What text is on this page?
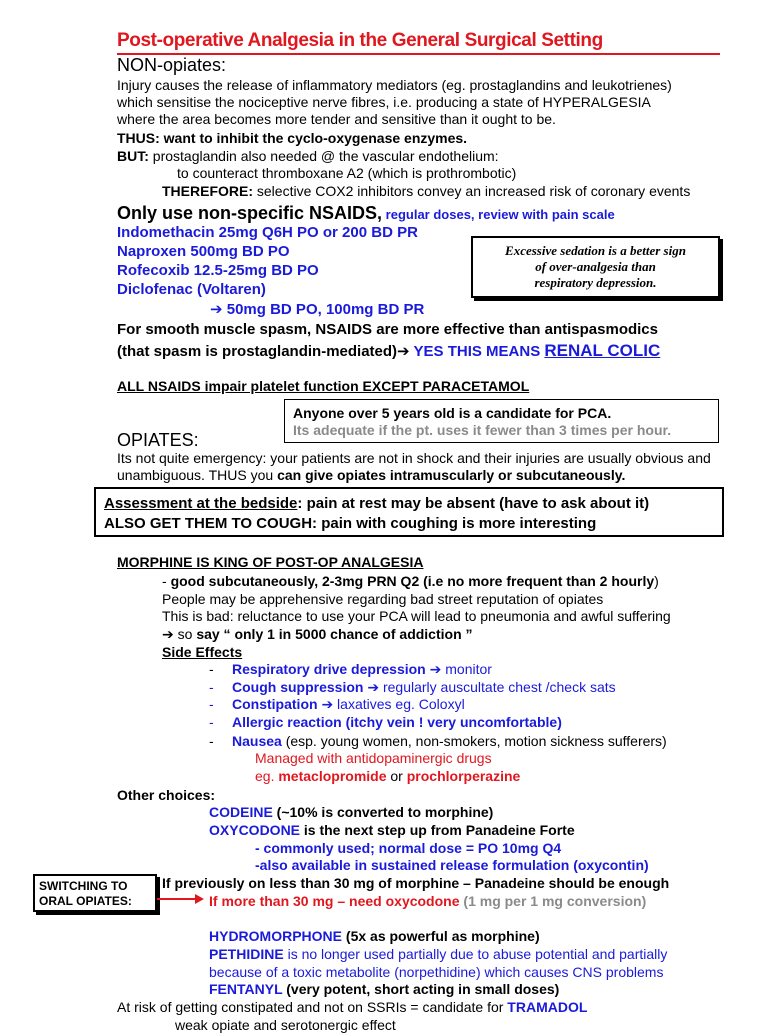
Post-operative Analgesia in the General Surgical Setting
NON-opiates:
Injury causes the release of inflammatory mediators (eg. prostaglandins and leukotrienes)
which sensitise the nociceptive nerve fibres, i.e. producing a state of HYPERALGESIA
where the area becomes more tender and sensitive than it ought to be.
THUS: want to inhibit the cyclo-oxygenase enzymes.
BUT: prostaglandin also needed @ the vascular endothelium:
to counteract thromboxane A2 (which is prothrombotic)
THEREFORE: selective COX2 inhibitors convey an increased risk of coronary events
Only use non-specific NSAIDS, regular doses, review with pain scale
Indomethacin 25mg Q6H PO or 200 BD PR
Naproxen 500mg BD PO
Rofecoxib 12.5-25mg BD PO
Diclofenac (Voltaren)
➔ 50mg BD PO, 100mg BD PR
Excessive sedation is a better sign
of over-analgesia than
respiratory depression.
For smooth muscle spasm, NSAIDS are more effective than antispasmodics
(that spasm is prostaglandin-mediated)➔ YES THIS MEANS RENAL COLIC
ALL NSAIDS impair platelet function EXCEPT PARACETAMOL
Anyone over 5 years old is a candidate for PCA.
Its adequate if the pt. uses it fewer than 3 times per hour.
OPIATES:
Its not quite emergency: your patients are not in shock and their injuries are usually obvious and
unambiguous. THUS you can give opiates intramuscularly or subcutaneously.
Assessment at the bedside: pain at rest may be absent (have to ask about it)
ALSO GET THEM TO COUGH: pain with coughing is more interesting
MORPHINE IS KING OF POST-OP ANALGESIA
- good subcutaneously, 2-3mg PRN Q2 (i.e no more frequent than 2 hourly)
People may be apprehensive regarding bad street reputation of opiates
This is bad: reluctance to use your PCA will lead to pneumonia and awful suffering
➔ so say “ only 1 in 5000 chance of addiction ”
Side Effects
- Respiratory drive depression ➔ monitor
- Cough suppression ➔ regularly auscultate chest /check sats
- Constipation ➔ laxatives eg. Coloxyl
- Allergic reaction (itchy vein ! very uncomfortable)
- Nausea (esp. young women, non-smokers, motion sickness sufferers)
Managed with antidopaminergic drugs
eg. metaclopromide or prochlorperazine
Other choices:
CODEINE (~10% is converted to morphine)
OXYCODONE is the next step up from Panadeine Forte
- commonly used; normal dose = PO 10mg Q4
-also available in sustained release formulation (oxycontin)
SWITCHING TO
ORAL OPIATES:
If previously on less than 30 mg of morphine – Panadeine should be enough
If more than 30 mg – need oxycodone (1 mg per 1 mg conversion)
HYDROMORPHONE (5x as powerful as morphine)
PETHIDINE is no longer used partially due to abuse potential and partially
because of a toxic metabolite (norpethidine) which causes CNS problems
FENTANYL (very potent, short acting in small doses)
At risk of getting constipated and not on SSRIs = candidate for TRAMADOL
weak opiate and serotonergic effect
